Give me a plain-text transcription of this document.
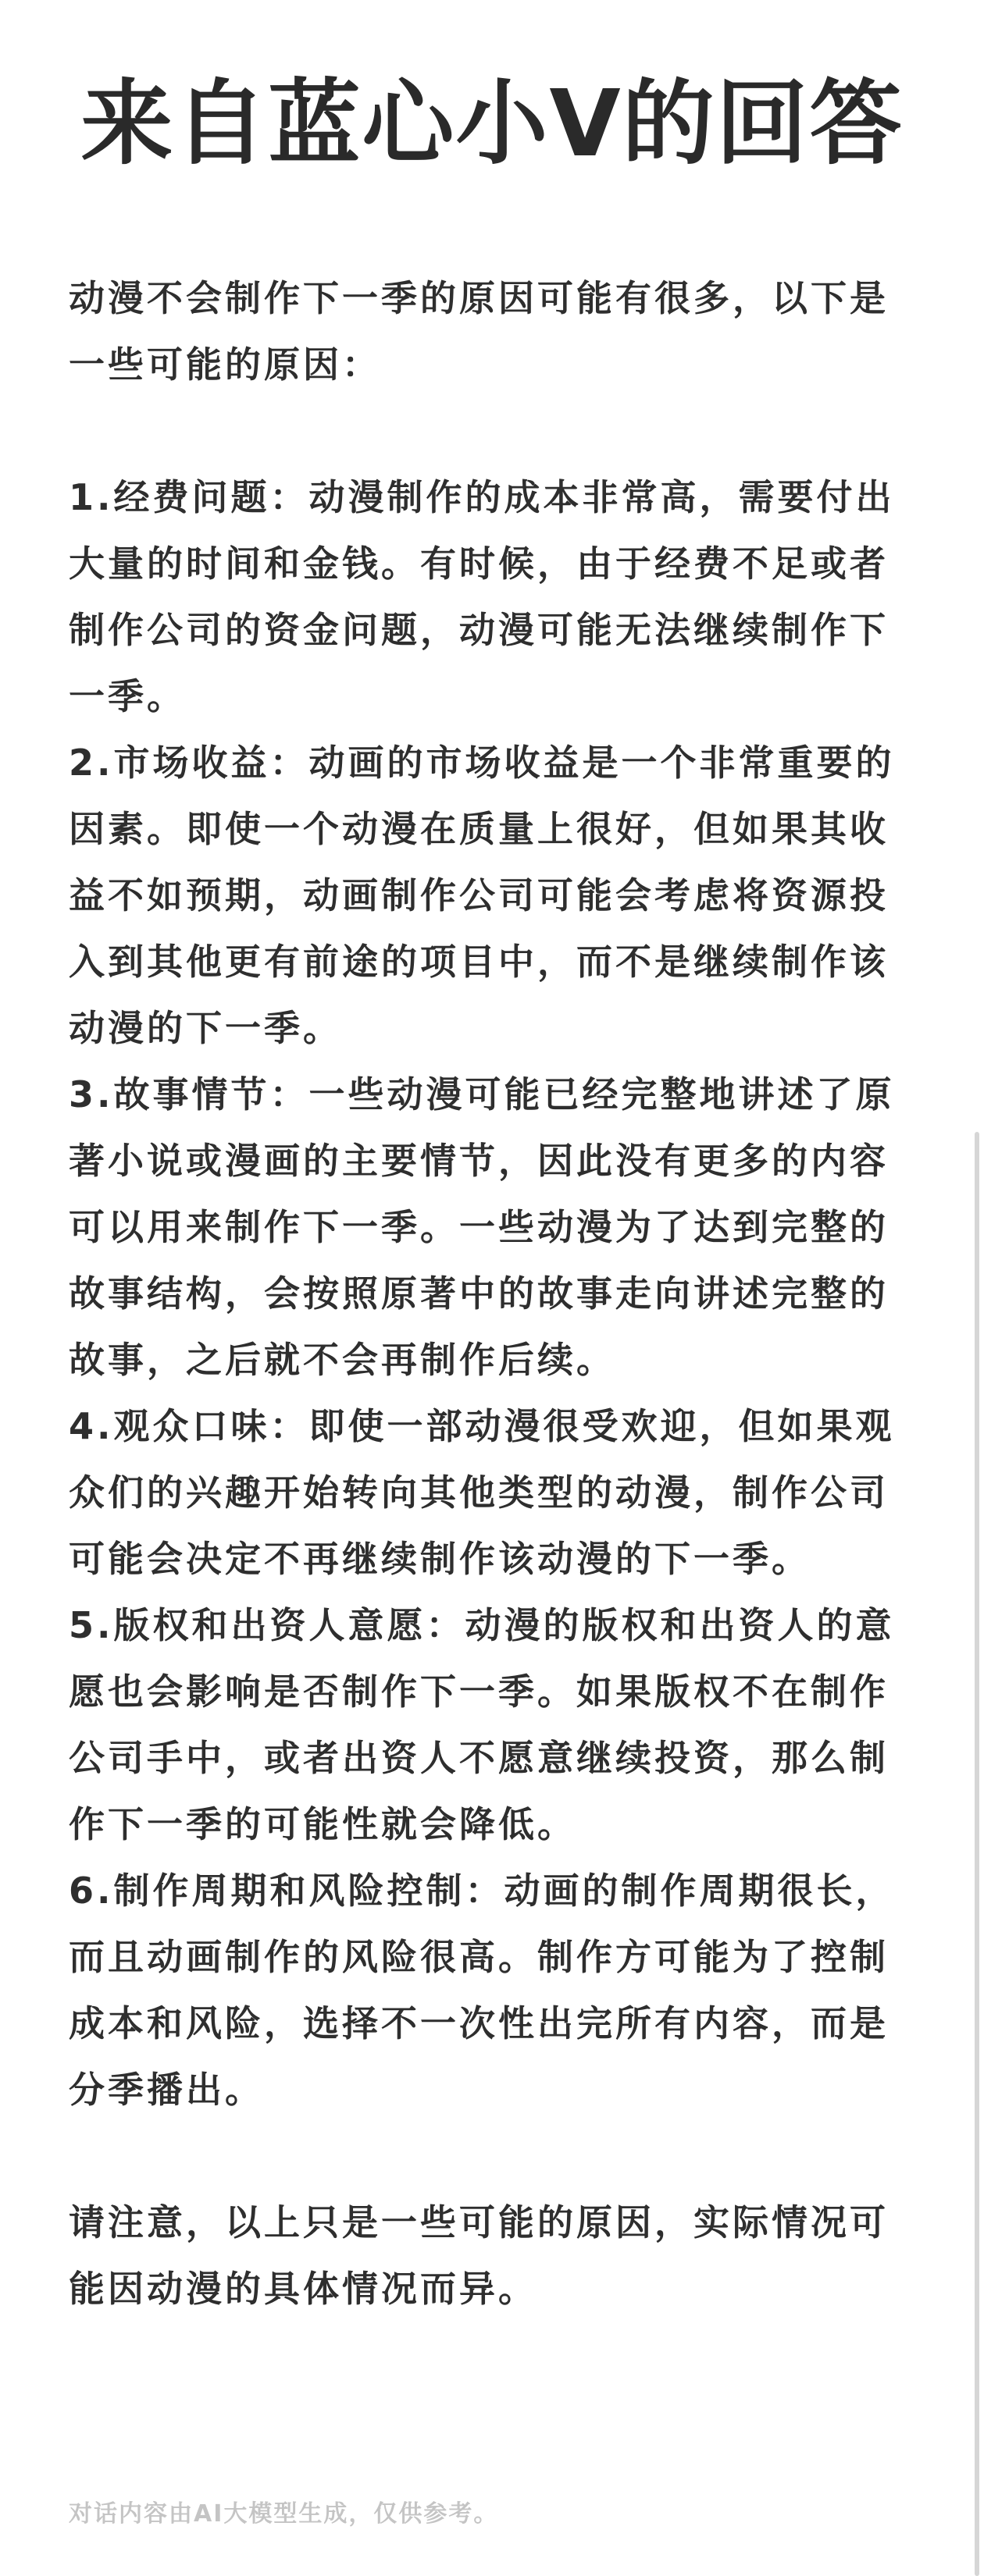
来自蓝心小V的回答

动漫不会制作下一季的原因可能有很多，以下是一些可能的原因：

1.经费问题：动漫制作的成本非常高，需要付出大量的时间和金钱。有时候，由于经费不足或者制作公司的资金问题，动漫可能无法继续制作下一季。

2.市场收益：动画的市场收益是一个非常重要的因素。即使一个动漫在质量上很好，但如果其收益不如预期，动画制作公司可能会考虑将资源投入到其他更有前途的项目中，而不是继续制作该动漫的下一季。

3.故事情节：一些动漫可能已经完整地讲述了原著小说或漫画的主要情节，因此没有更多的内容可以用来制作下一季。一些动漫为了达到完整的故事结构，会按照原著中的故事走向讲述完整的故事，之后就不会再制作后续。

4.观众口味：即使一部动漫很受欢迎，但如果观众们的兴趣开始转向其他类型的动漫，制作公司可能会决定不再继续制作该动漫的下一季。

5.版权和出资人意愿：动漫的版权和出资人的意愿也会影响是否制作下一季。如果版权不在制作公司手中，或者出资人不愿意继续投资，那么制作下一季的可能性就会降低。

6.制作周期和风险控制：动画的制作周期很长，而且动画制作的风险很高。制作方可能为了控制成本和风险，选择不一次性出完所有内容，而是分季播出。

请注意，以上只是一些可能的原因，实际情况可能因动漫的具体情况而异。

对话内容由AI大模型生成，仅供参考。
